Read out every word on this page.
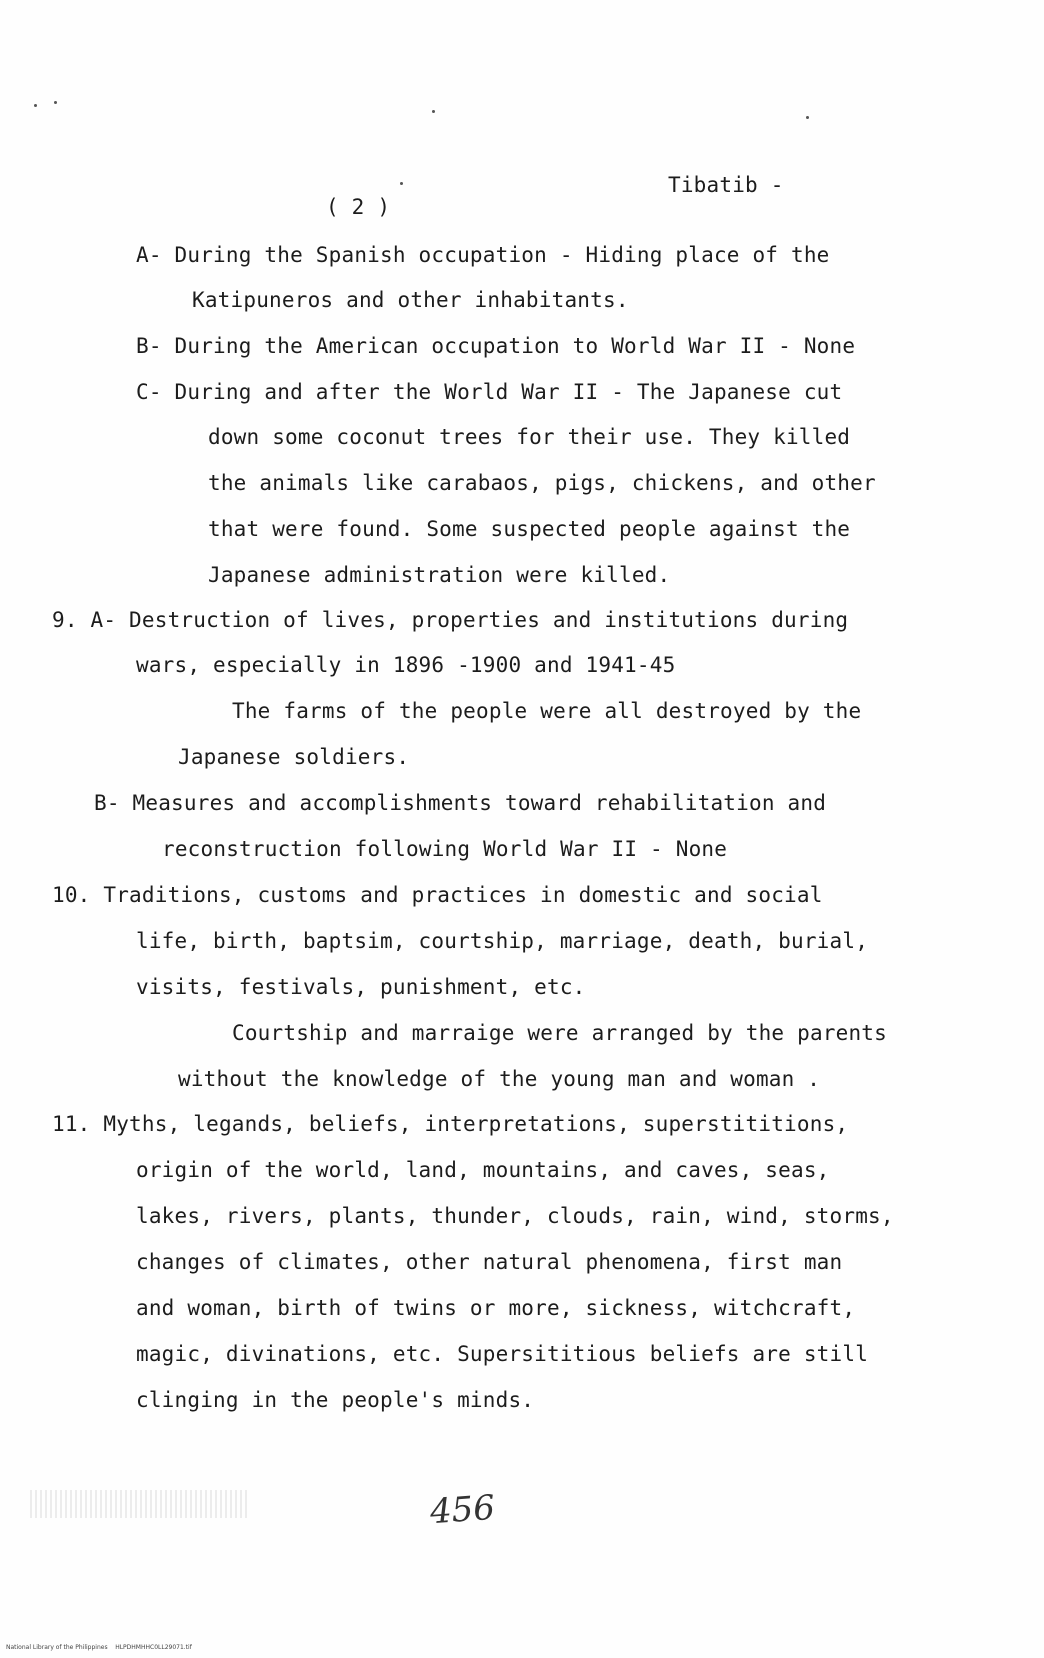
Tibatib -
( 2 )
A- During the Spanish occupation - Hiding place of the
Katipuneros and other inhabitants.
B- During the American occupation to World War II - None
C- During and after the World War II - The Japanese cut
down some coconut trees for their use. They killed
the animals like carabaos, pigs, chickens, and other
that were found. Some suspected people against the
Japanese administration were killed.
9. A- Destruction of lives, properties and institutions during
wars, especially in 1896 -1900 and 1941-45
The farms of the people were all destroyed by the
Japanese soldiers.
B- Measures and accomplishments toward rehabilitation and
reconstruction following World War II - None
10. Traditions, customs and practices in domestic and social
life, birth, baptsim, courtship, marriage, death, burial,
visits, festivals, punishment, etc.
Courtship and marraige were arranged by the parents
without the knowledge of the young man and woman .
11. Myths, legands, beliefs, interpretations, superstititions,
origin of the world, land, mountains, and caves, seas,
lakes, rivers, plants, thunder, clouds, rain, wind, storms,
changes of climates, other natural phenomena, first man
and woman, birth of twins or more, sickness, witchcraft,
magic, divinations, etc. Supersititious beliefs are still
clinging in the people's minds.
456
National Library of the Philippines    HLPDHMHHC0LL29071.tif
